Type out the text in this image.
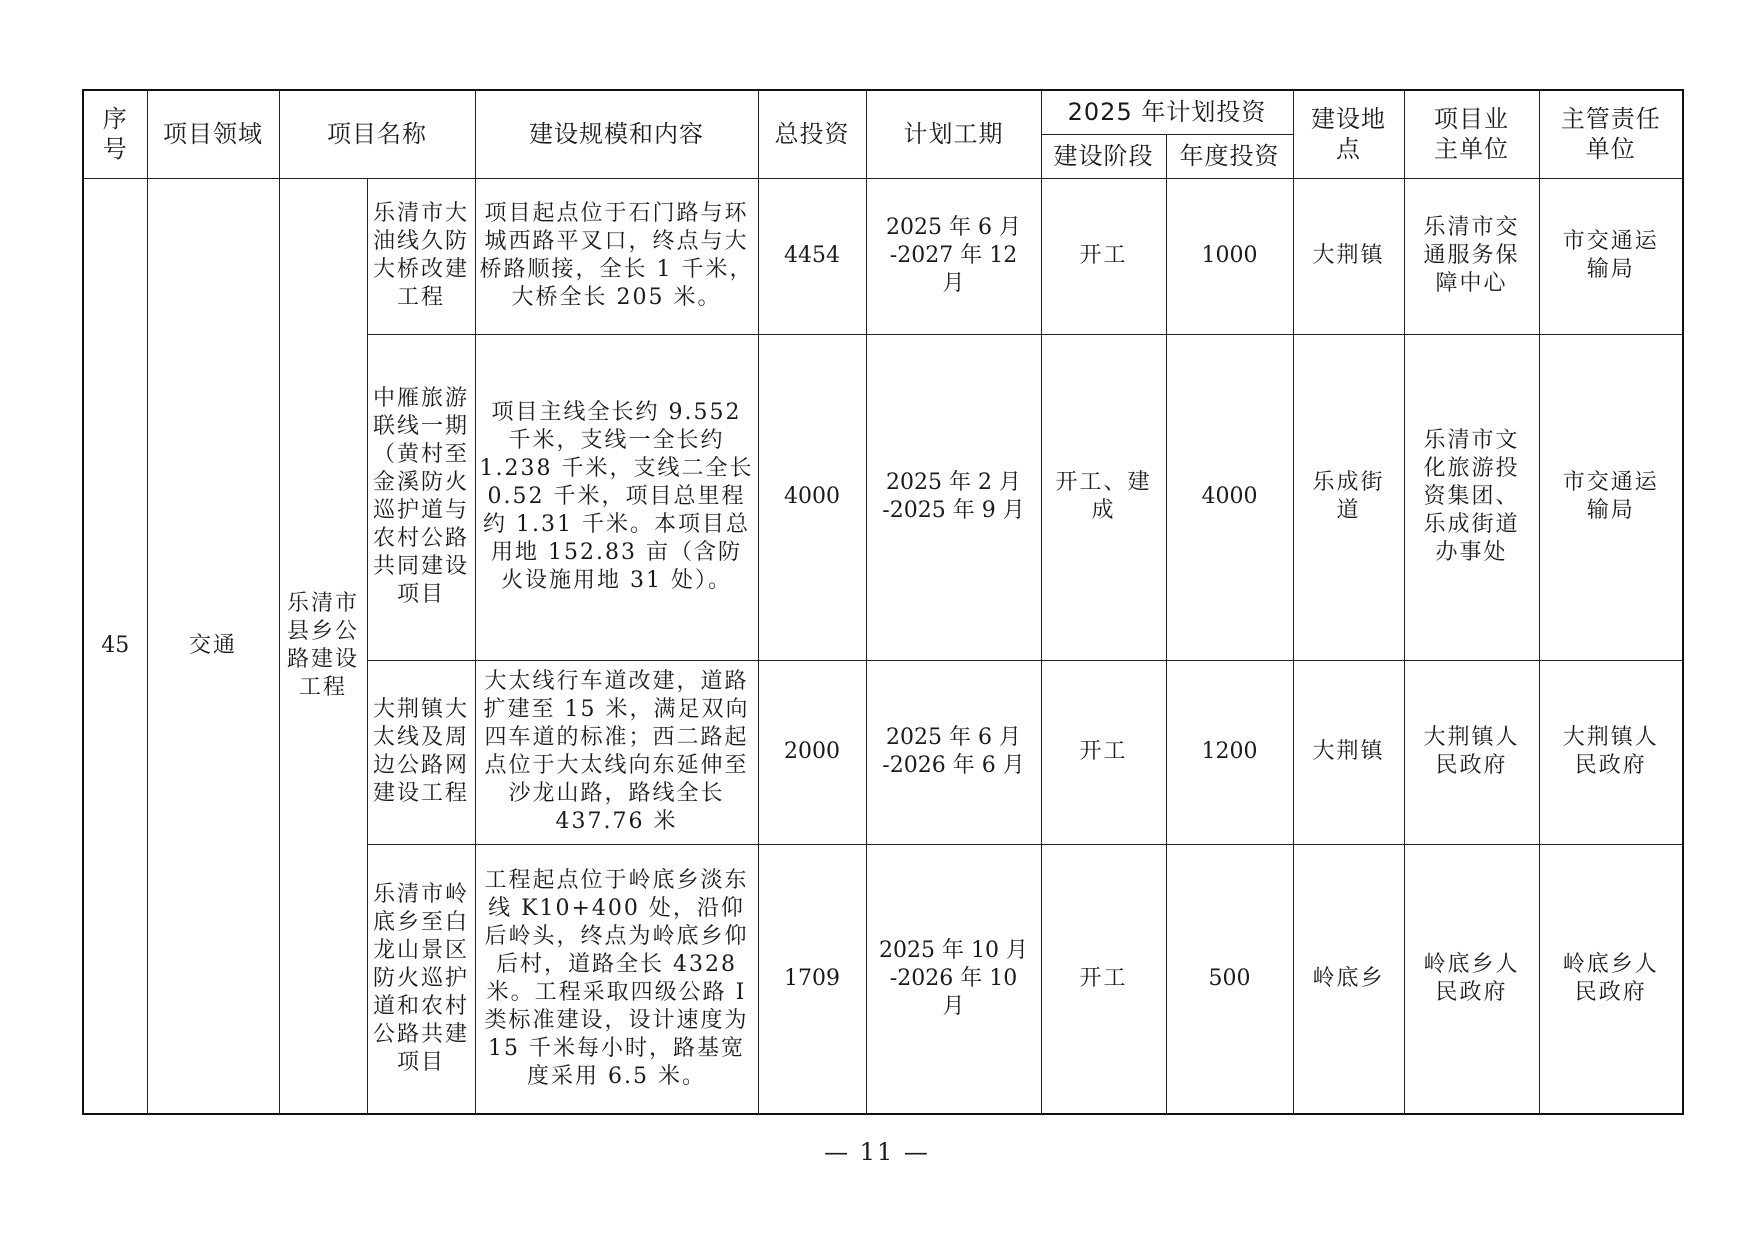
序号	项目领域	项目名称		建设规模和内容	总投资	计划工期	2025 年计划投资		建设地点	项目业主单位	主管责任单位
							建设阶段	年度投资			
45	交通	乐清市县乡公路建设工程	乐清市大油线久防大桥改建工程	项目起点位于石门路与环城西路平叉口，终点与大桥路顺接，全长 1 千米，大桥全长 205 米。	4454	2025 年 6 月 -2027 年 12 月	开工	1000	大荆镇	乐清市交通服务保障中心	市交通运输局
			中雁旅游联线一期（黄村至金溪防火巡护道与农村公路共同建设项目	项目主线全长约 9.552 千米，支线一全长约 1.238 千米，支线二全长 0.52 千米，项目总里程约 1.31 千米。本项目总用地 152.83 亩（含防火设施用地 31 处）。	4000	2025 年 2 月 -2025 年 9 月	开工、建成	4000	乐成街道	乐清市文化旅游投资集团、乐成街道办事处	市交通运输局
			大荆镇大太线及周边公路网建设工程	大太线行车道改建，道路扩建至 15 米，满足双向四车道的标准；西二路起点位于大太线向东延伸至沙龙山路，路线全长 437.76 米	2000	2025 年 6 月 -2026 年 6 月	开工	1200	大荆镇	大荆镇人民政府	大荆镇人民政府
			乐清市岭底乡至白龙山景区防火巡护道和农村公路共建项目	工程起点位于岭底乡淡东线 K10+400 处，沿仰后岭头，终点为岭底乡仰后村，道路全长 4328 米。工程采取四级公路 I 类标准建设，设计速度为 15 千米每小时，路基宽度采用 6.5 米。	1709	2025 年 10 月 -2026 年 10 月	开工	500	岭底乡	岭底乡人民政府	岭底乡人民政府
— 11 —
